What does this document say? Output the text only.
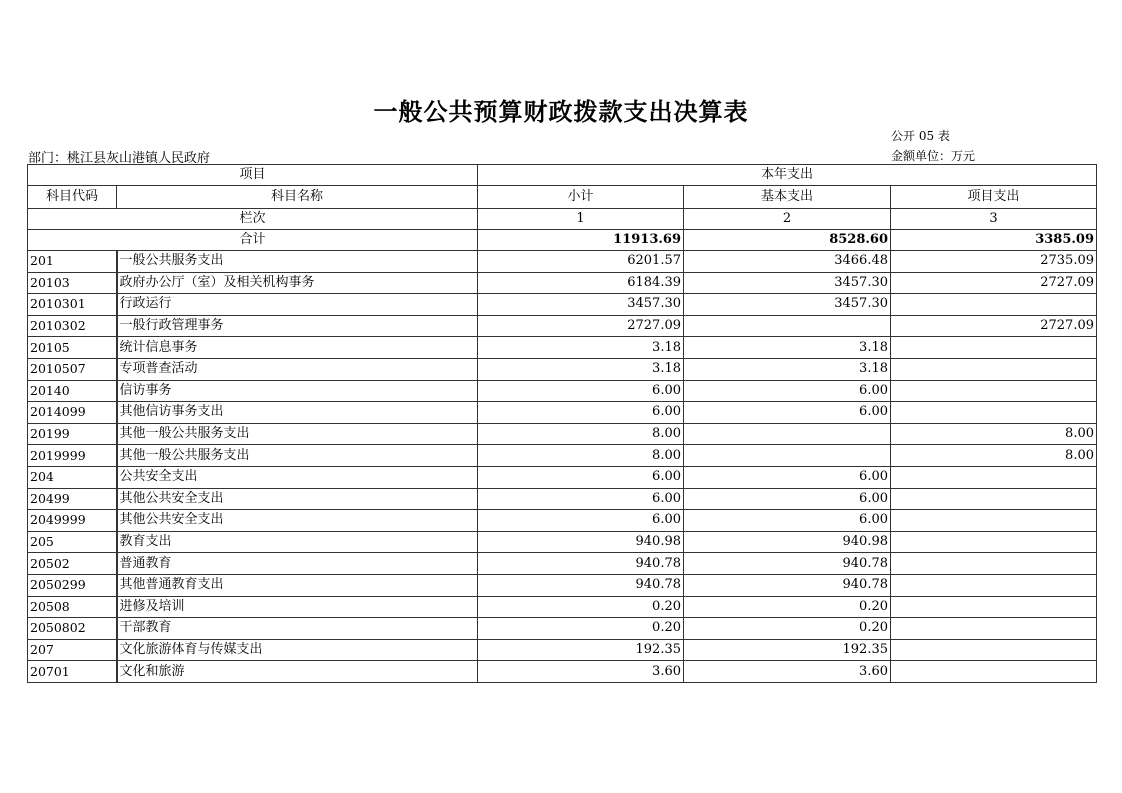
一般公共预算财政拨款支出决算表
公开 05 表
部门：桃江县灰山港镇人民政府	金额单位：万元
项目		本年支出		
科目代码	科目名称	小计	基本支出	项目支出
栏次		1	2	3
合计		11913.69	8528.60	3385.09
201	一般公共服务支出	6201.57	3466.48	2735.09
20103	政府办公厅（室）及相关机构事务	6184.39	3457.30	2727.09
2010301	行政运行	3457.30	3457.30	
2010302	一般行政管理事务	2727.09		2727.09
20105	统计信息事务	3.18	3.18	
2010507	专项普查活动	3.18	3.18	
20140	信访事务	6.00	6.00	
2014099	其他信访事务支出	6.00	6.00	
20199	其他一般公共服务支出	8.00		8.00
2019999	其他一般公共服务支出	8.00		8.00
204	公共安全支出	6.00	6.00	
20499	其他公共安全支出	6.00	6.00	
2049999	其他公共安全支出	6.00	6.00	
205	教育支出	940.98	940.98	
20502	普通教育	940.78	940.78	
2050299	其他普通教育支出	940.78	940.78	
20508	进修及培训	0.20	0.20	
2050802	干部教育	0.20	0.20	
207	文化旅游体育与传媒支出	192.35	192.35	
20701	文化和旅游	3.60	3.60	
